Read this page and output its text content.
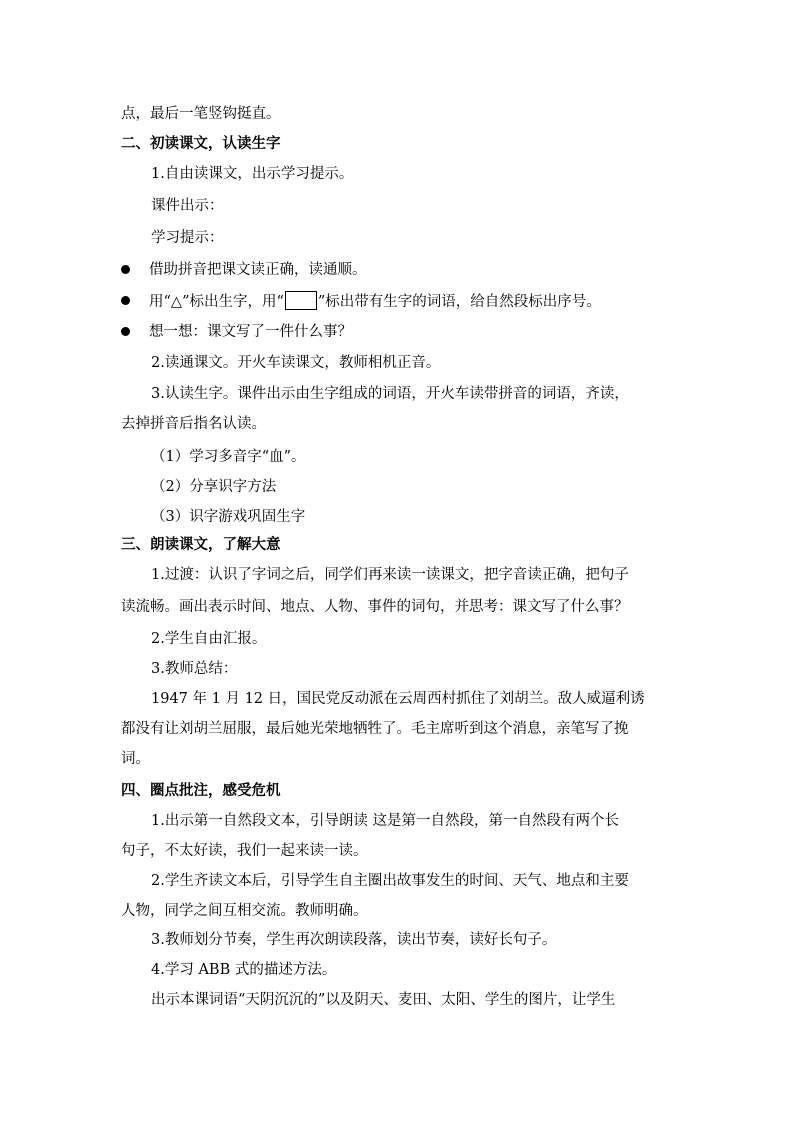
点，最后一笔竖钩挺直。
二、初读课文，认读生字
1.自由读课文，出示学习提示。
课件出示：
学习提示：
借助拼音把课文读正确，读通顺。
用“△”标出生字，用“ ”标出带有生字的词语，给自然段标出序号。
想一想：课文写了一件什么事？
2.读通课文。开火车读课文，教师相机正音。
3.认读生字。课件出示由生字组成的词语，开火车读带拼音的词语，齐读，
去掉拼音后指名认读。
（1）学习多音字“血”。
（2）分享识字方法
（3）识字游戏巩固生字
三、朗读课文，了解大意
1.过渡：认识了字词之后，同学们再来读一读课文，把字音读正确，把句子
读流畅。画出表示时间、地点、人物、事件的词句，并思考：课文写了什么事？
2.学生自由汇报。
3.教师总结：
1947 年 1 月 12 日，国民党反动派在云周西村抓住了刘胡兰。敌人威逼利诱
都没有让刘胡兰屈服，最后她光荣地牺牲了。毛主席听到这个消息，亲笔写了挽
词。
四、圈点批注，感受危机
1.出示第一自然段文本，引导朗读 这是第一自然段，第一自然段有两个长
句子，不太好读，我们一起来读一读。
2.学生齐读文本后，引导学生自主圈出故事发生的时间、天气、地点和主要
人物，同学之间互相交流。教师明确。
3.教师划分节奏，学生再次朗读段落，读出节奏，读好长句子。
4.学习 ABB 式的描述方法。
出示本课词语“天阴沉沉的”以及阴天、麦田、太阳、学生的图片，让学生
